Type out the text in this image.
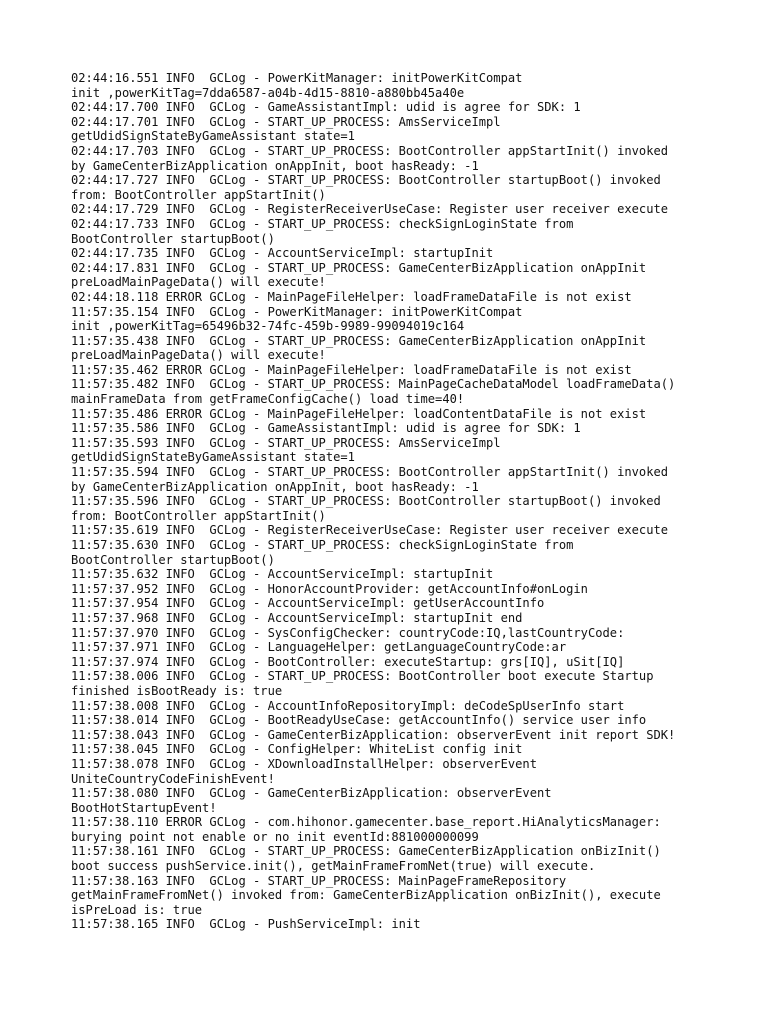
02:44:16.551 INFO  GCLog - PowerKitManager: initPowerKitCompat
init ,powerKitTag=7dda6587-a04b-4d15-8810-a880bb45a40e
02:44:17.700 INFO  GCLog - GameAssistantImpl: udid is agree for SDK: 1
02:44:17.701 INFO  GCLog - START_UP_PROCESS: AmsServiceImpl
getUdidSignStateByGameAssistant state=1
02:44:17.703 INFO  GCLog - START_UP_PROCESS: BootController appStartInit() invoked
by GameCenterBizApplication onAppInit, boot hasReady: -1
02:44:17.727 INFO  GCLog - START_UP_PROCESS: BootController startupBoot() invoked
from: BootController appStartInit()
02:44:17.729 INFO  GCLog - RegisterReceiverUseCase: Register user receiver execute
02:44:17.733 INFO  GCLog - START_UP_PROCESS: checkSignLoginState from
BootController startupBoot()
02:44:17.735 INFO  GCLog - AccountServiceImpl: startupInit
02:44:17.831 INFO  GCLog - START_UP_PROCESS: GameCenterBizApplication onAppInit
preLoadMainPageData() will execute!
02:44:18.118 ERROR GCLog - MainPageFileHelper: loadFrameDataFile is not exist
11:57:35.154 INFO  GCLog - PowerKitManager: initPowerKitCompat
init ,powerKitTag=65496b32-74fc-459b-9989-99094019c164
11:57:35.438 INFO  GCLog - START_UP_PROCESS: GameCenterBizApplication onAppInit
preLoadMainPageData() will execute!
11:57:35.462 ERROR GCLog - MainPageFileHelper: loadFrameDataFile is not exist
11:57:35.482 INFO  GCLog - START_UP_PROCESS: MainPageCacheDataModel loadFrameData()
mainFrameData from getFrameConfigCache() load time=40!
11:57:35.486 ERROR GCLog - MainPageFileHelper: loadContentDataFile is not exist
11:57:35.586 INFO  GCLog - GameAssistantImpl: udid is agree for SDK: 1
11:57:35.593 INFO  GCLog - START_UP_PROCESS: AmsServiceImpl
getUdidSignStateByGameAssistant state=1
11:57:35.594 INFO  GCLog - START_UP_PROCESS: BootController appStartInit() invoked
by GameCenterBizApplication onAppInit, boot hasReady: -1
11:57:35.596 INFO  GCLog - START_UP_PROCESS: BootController startupBoot() invoked
from: BootController appStartInit()
11:57:35.619 INFO  GCLog - RegisterReceiverUseCase: Register user receiver execute
11:57:35.630 INFO  GCLog - START_UP_PROCESS: checkSignLoginState from
BootController startupBoot()
11:57:35.632 INFO  GCLog - AccountServiceImpl: startupInit
11:57:37.952 INFO  GCLog - HonorAccountProvider: getAccountInfo#onLogin
11:57:37.954 INFO  GCLog - AccountServiceImpl: getUserAccountInfo
11:57:37.968 INFO  GCLog - AccountServiceImpl: startupInit end
11:57:37.970 INFO  GCLog - SysConfigChecker: countryCode:IQ,lastCountryCode:
11:57:37.971 INFO  GCLog - LanguageHelper: getLanguageCountryCode:ar
11:57:37.974 INFO  GCLog - BootController: executeStartup: grs[IQ], uSit[IQ]
11:57:38.006 INFO  GCLog - START_UP_PROCESS: BootController boot execute Startup
finished isBootReady is: true
11:57:38.008 INFO  GCLog - AccountInfoRepositoryImpl: deCodeSpUserInfo start
11:57:38.014 INFO  GCLog - BootReadyUseCase: getAccountInfo() service user info
11:57:38.043 INFO  GCLog - GameCenterBizApplication: observerEvent init report SDK!
11:57:38.045 INFO  GCLog - ConfigHelper: WhiteList config init
11:57:38.078 INFO  GCLog - XDownloadInstallHelper: observerEvent
UniteCountryCodeFinishEvent!
11:57:38.080 INFO  GCLog - GameCenterBizApplication: observerEvent
BootHotStartupEvent!
11:57:38.110 ERROR GCLog - com.hihonor.gamecenter.base_report.HiAnalyticsManager:
burying point not enable or no init eventId:881000000099
11:57:38.161 INFO  GCLog - START_UP_PROCESS: GameCenterBizApplication onBizInit()
boot success pushService.init(), getMainFrameFromNet(true) will execute.
11:57:38.163 INFO  GCLog - START_UP_PROCESS: MainPageFrameRepository
getMainFrameFromNet() invoked from: GameCenterBizApplication onBizInit(), execute
isPreLoad is: true
11:57:38.165 INFO  GCLog - PushServiceImpl: init
